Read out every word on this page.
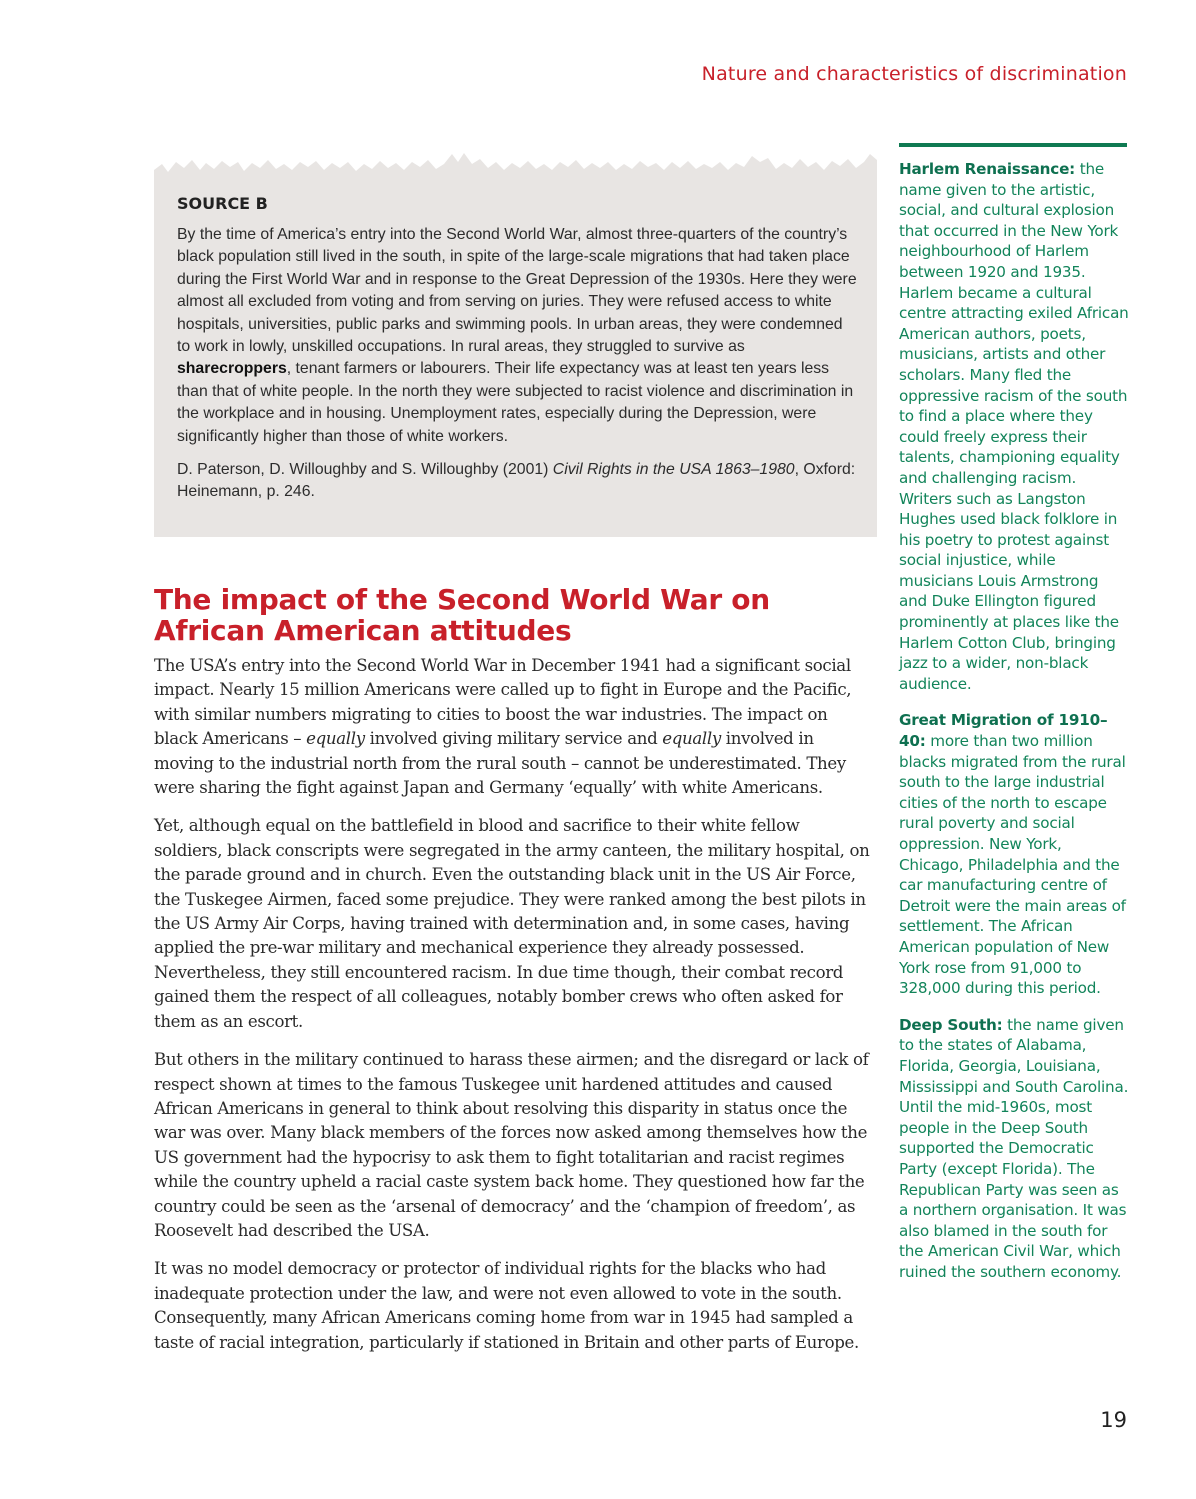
Nature and characteristics of discrimination
SOURCE B

By the time of America’s entry into the Second World War, almost three-quarters of the country’s black population still lived in the south, in spite of the large-scale migrations that had taken place during the First World War and in response to the Great Depression of the 1930s. Here they were almost all excluded from voting and from serving on juries. They were refused access to white hospitals, universities, public parks and swimming pools. In urban areas, they were condemned to work in lowly, unskilled occupations. In rural areas, they struggled to survive as sharecroppers, tenant farmers or labourers. Their life expectancy was at least ten years less than that of white people. In the north they were subjected to racist violence and discrimination in the workplace and in housing. Unemployment rates, especially during the Depression, were significantly higher than those of white workers.

D. Paterson, D. Willoughby and S. Willoughby (2001) Civil Rights in the USA 1863–1980, Oxford: Heinemann, p. 246.

The impact of the Second World War on African American attitudes

The USA’s entry into the Second World War in December 1941 had a significant social impact. Nearly 15 million Americans were called up to fight in Europe and the Pacific, with similar numbers migrating to cities to boost the war industries. The impact on black Americans – equally involved giving military service and equally involved in moving to the industrial north from the rural south – cannot be underestimated. They were sharing the fight against Japan and Germany ‘equally’ with white Americans.

Yet, although equal on the battlefield in blood and sacrifice to their white fellow soldiers, black conscripts were segregated in the army canteen, the military hospital, on the parade ground and in church. Even the outstanding black unit in the US Air Force, the Tuskegee Airmen, faced some prejudice. They were ranked among the best pilots in the US Army Air Corps, having trained with determination and, in some cases, having applied the pre-war military and mechanical experience they already possessed. Nevertheless, they still encountered racism. In due time though, their combat record gained them the respect of all colleagues, notably bomber crews who often asked for them as an escort.

But others in the military continued to harass these airmen; and the disregard or lack of respect shown at times to the famous Tuskegee unit hardened attitudes and caused African Americans in general to think about resolving this disparity in status once the war was over. Many black members of the forces now asked among themselves how the US government had the hypocrisy to ask them to fight totalitarian and racist regimes while the country upheld a racial caste system back home. They questioned how far the country could be seen as the ‘arsenal of democracy’ and the ‘champion of freedom’, as Roosevelt had described the USA.

It was no model democracy or protector of individual rights for the blacks who had inadequate protection under the law, and were not even allowed to vote in the south. Consequently, many African Americans coming home from war in 1945 had sampled a taste of racial integration, particularly if stationed in Britain and other parts of Europe.

Harlem Renaissance: the name given to the artistic, social, and cultural explosion that occurred in the New York neighbourhood of Harlem between 1920 and 1935. Harlem became a cultural centre attracting exiled African American authors, poets, musicians, artists and other scholars. Many fled the oppressive racism of the south to find a place where they could freely express their talents, championing equality and challenging racism. Writers such as Langston Hughes used black folklore in his poetry to protest against social injustice, while musicians Louis Armstrong and Duke Ellington figured prominently at places like the Harlem Cotton Club, bringing jazz to a wider, non-black audience.

Great Migration of 1910–40: more than two million blacks migrated from the rural south to the large industrial cities of the north to escape rural poverty and social oppression. New York, Chicago, Philadelphia and the car manufacturing centre of Detroit were the main areas of settlement. The African American population of New York rose from 91,000 to 328,000 during this period.

Deep South: the name given to the states of Alabama, Florida, Georgia, Louisiana, Mississippi and South Carolina. Until the mid-1960s, most people in the Deep South supported the Democratic Party (except Florida). The Republican Party was seen as a northern organisation. It was also blamed in the south for the American Civil War, which ruined the southern economy.

19
